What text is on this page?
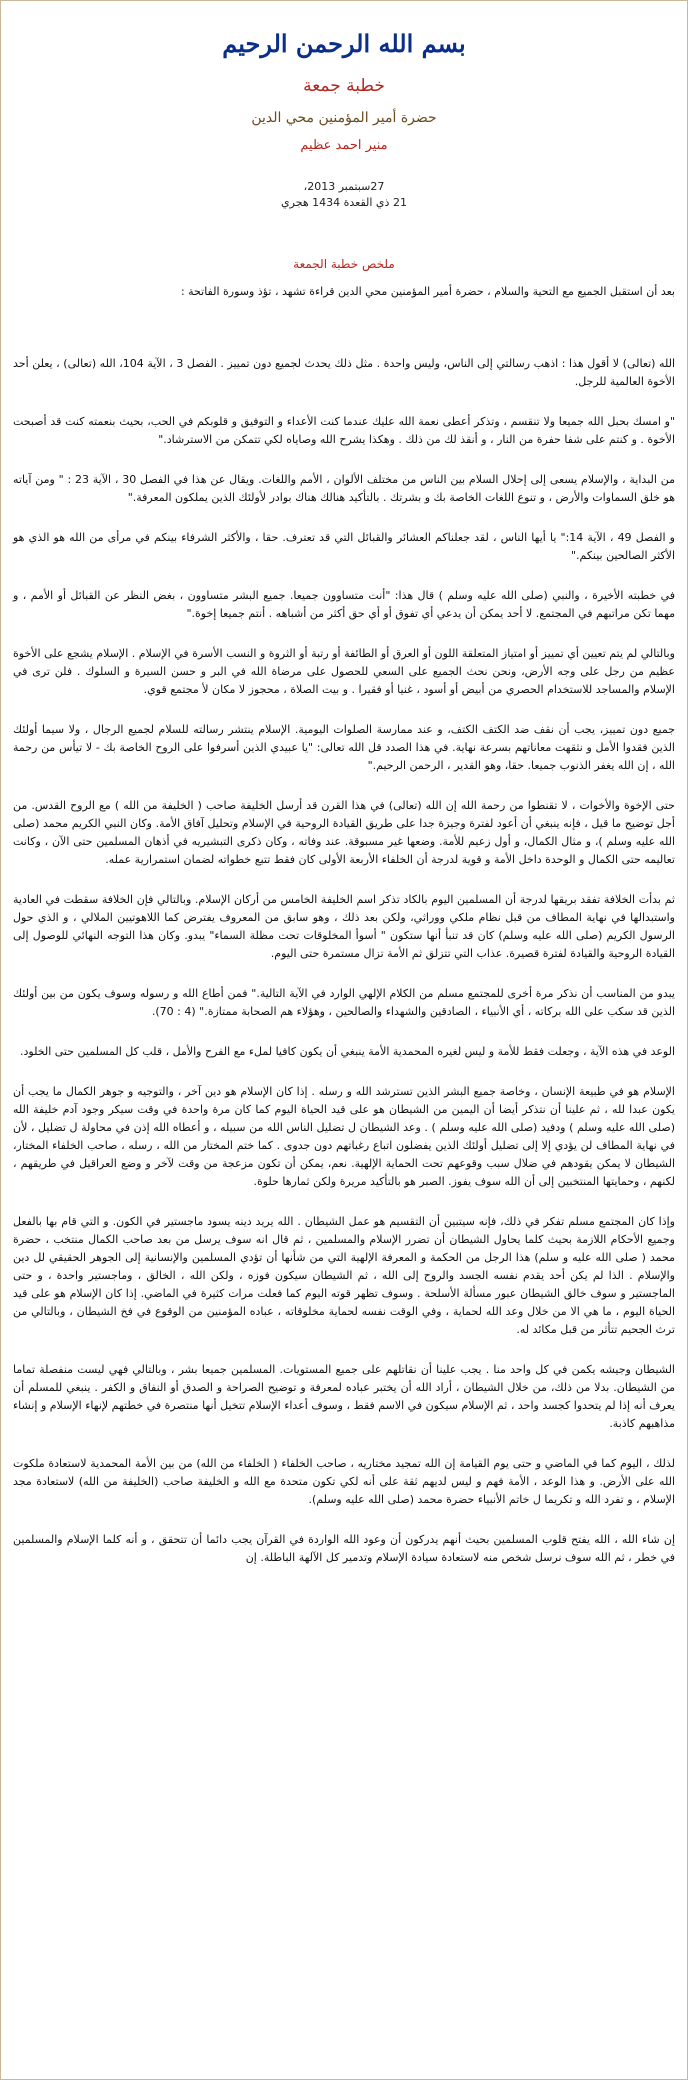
بسم الله الرحمن الرحيم
خطبة جمعة
حضرة أمير المؤمنين محي الدين
منير احمد عظيم
27سبتمبر 2013،
21 ذي القعدة 1434 هجري
ملخص خطبة الجمعة

بعد أن استقبل الجميع مع التحية والسلام ، حضرة أمير المؤمنين محي الدين قراءة تشهد ، تؤذ وسورة الفاتحة :

الله (تعالى) لا أقول هذا : اذهب رسالتي إلى الناس، وليس واحدة . مثل ذلك يحدث لجميع دون تمييز . الفصل 3 ، الآية 104، الله (تعالى) ، يعلن أحد الأخوة العالمية للرجل.

"و امسك بحبل الله جميعا ولا تنقسم ، وتذكر أعطى نعمة الله عليك عندما كنت الأعداء و التوفيق و قلوبكم في الحب، بحيث بنعمته كنت قد أصبحت الأخوة . و كنتم على شفا حفرة من النار ، و أنقذ لك من ذلك . وهكذا يشرح الله وصاياه لكي تتمكن من الاسترشاد."

من البداية ، والإسلام يسعى إلى إحلال السلام بين الناس من مختلف الألوان ، الأمم واللغات. ويقال عن هذا في الفصل 30 ، الآية 23 : " ومن آياته هو خلق السماوات والأرض ، و تنوع اللغات الخاصة بك و بشرتك . بالتأكيد هنالك هناك بوادر لأولئك الذين يملكون المعرفة."

و الفصل 49 ، الآية 14:" يا أيها الناس ، لقد جعلناكم العشائر والقبائل التي قد تعترف. حقا ، والأكثر الشرفاء بينكم في مرأى من الله هو الذي هو الأكثر الصالحين بينكم."

في خطبته الأخيرة ، والنبي (صلى الله عليه وسلم ) قال هذا: "أنت متساوون جميعا. جميع البشر متساوون ، بغض النظر عن القبائل أو الأمم ، و مهما تكن مراتبهم في المجتمع. لا أحد يمكن أن يدعي أي تفوق أو أي حق أكثر من أشباهه . أنتم جميعا إخوة."

وبالتالي لم يتم تعيين أي تمييز أو امتياز المتعلقة اللون أو العرق أو الطائفة أو رتبة أو الثروة و النسب الأسرة في الإسلام . الإسلام يشجع على الأخوة عظيم من رجل على وجه الأرض، ونحن نحث الجميع على السعي للحصول على مرضاة الله في البر و حسن السيرة و السلوك . فلن ترى في الإسلام والمساجد للاستخدام الحصري من أبيض أو أسود ، غنيا أو فقيرا . و بيت الصلاة ، محجوز لا مكان لأ مجتمع قوي.

جميع دون تمييز، يجب أن نقف ضد الكتف الكتف، و عند ممارسة الصلوات اليومية. الإسلام ينتشر رسالته للسلام لجميع الرجال ، ولا سيما أولئك الذين فقدوا الأمل و نثقهت معاناتهم بسرعة نهاية. في هذا الصدد قل الله تعالى: "يا عبيدي الذين أسرفوا على الروح الخاصة بك - لا تيأس من رحمة الله ، إن الله يغفر الذنوب جميعا. حقا، وهو القدير ، الرحمن الرحيم."

حتى الإخوة والأخوات ، لا تقنطوا من رحمة الله إن الله (تعالى) في هذا القرن قد أرسل الخليفة صاحب ( الخليفة من الله ) مع الروح القدس. من أجل توضيح ما قيل ، فإنه ينبغي أن أعود لفترة وجيزة جدا على طريق القيادة الروحية في الإسلام وتحليل آفاق الأمة. وكان النبي الكريم محمد (صلى الله عليه وسلم )، و مثال الكمال، و أول زعيم للأمة. وضعها غير مسبوقة. عند وفاته ، وكان ذكرى التبشيريه في أذهان المسلمين حتى الآن ، وكانت تعاليمه حتى الكمال و الوحدة داخل الأمة و قوية لدرجة أن الخلفاء الأربعة الأولى كان فقط تتبع خطواته لضمان استمرارية عمله.

ثم بدأت الخلافة تفقد بريقها لدرجة أن المسلمين اليوم بالكاد تذكر اسم الخليفة الخامس من أركان الإسلام. وبالتالي فإن الخلافة سقطت في العادية واستبدالها في نهاية المطاف من قبل نظام ملكي ووراثي، ولكن بعد ذلك ، وهو سابق من المعروف يفترض كما اللاهوتيين الملالي ، و الذي حول الرسول الكريم (صلى الله عليه وسلم) كان قد تنبأ أنها ستكون " أسوأ المخلوقات تحت مظلة السماء" يبدو. وكان هذا التوجه النهائي للوصول إلى القيادة الروحية والقيادة لفترة قصيرة. عذاب التي تتزلق ثم الأمة تزال مستمرة حتى اليوم.

يبدو من المناسب أن نذكر مرة أخرى للمجتمع مسلم من الكلام الإلهي الوارد في الآية التالية." فمن أطاع الله و رسوله وسوف يكون من بين أولئك الذين قد سكب على الله بركاته ، أي الأنبياء ، الصادقين والشهداء والصالحين ، وهؤلاء هم الصحابة ممتازة." (4 : 70).

الوعد في هذه الآية ، وجعلت فقط للأمة و ليس لغيره المحمدية الأمة ينبغي أن يكون كافيا لملء مع الفرح والأمل ، قلب كل المسلمين حتى الخلود.

الإسلام هو في طبيعة الإنسان ، وخاصة جميع البشر الذين تسترشد الله و رسله . إذا كان الإسلام هو دين آخر ، والتوجيه و جوهر الكمال ما يجب أن يكون عبدا لله ، ثم علينا أن نتذكر أيضا أن اليمين من الشيطان هو على قيد الحياة اليوم كما كان مرة واحدة في وقت سيكر وجود آدم خليفة الله (صلى الله عليه وسلم ) ودفيد (صلى الله عليه وسلم ) . وعد الشيطان ل تضليل الناس الله من سبيله ، و أعطاه الله إذن في محاولة ل تضليل ، لأن في نهاية المطاف لن يؤدي إلا إلى تضليل أولئك الذين يفضلون اتباع رغباتهم دون جدوى . كما ختم المختار من الله ، رسله ، صاحب الخلفاء المختار، الشيطان لا يمكن يقودهم في ضلال سبب وقوعهم تحت الحماية الإلهية. نعم، يمكن أن تكون مزعجة من وقت لآخر و وضع العراقيل في طريقهم ، لكنهم ، وحمايتها المنتخبين إلى أن الله سوف يفوز. الصبر هو بالتأكيد مريرة ولكن ثمارها حلوة.

وإذا كان المجتمع مسلم تفكر في ذلك، فإنه سيتبين أن التقسيم هو عمل الشيطان . الله يريد دينه يسود ماجستير في الكون. و التي قام بها بالفعل وجميع الأحكام اللازمة بحيث كلما يحاول الشيطان أن تضرر الإسلام والمسلمين ، ثم قال انه سوف يرسل من بعد صاحب الكمال منتخب ، حضرة محمد ( صلى الله عليه و سلم) هذا الرجل من الحكمة و المعرفة الإلهية التي من شأنها أن تؤدي المسلمين والإنسانية إلى الجوهر الحقيقي لل دين والإسلام . الذا لم يكن أحد يقدم نفسه الجسد والروح إلى الله ، ثم الشيطان سيكون فوزه ، ولكن الله ، الخالق ، وماجستير واحدة ، و حتى الماجستير و سوف خالق الشيطان عبور مسألة الأسلحة . وسوف تظهر قوته اليوم كما فعلت مرات كثيرة في الماضي. إذا كان الإسلام هو على قيد الحياة اليوم ، ما هي الا من خلال وعد الله لحماية ، وفي الوقت نفسه لحماية مخلوقاته ، عباده المؤمنين من الوقوع في فخ الشيطان ، وبالتالي من ترث الجحيم تتأثر من قبل مكائد له.

الشيطان وجيشه يكمن في كل واحد منا . يجب علينا أن نقاتلهم على جميع المستويات. المسلمين جميعا بشر ، وبالتالي فهي ليست منفصلة تماما من الشيطان. بدلا من ذلك، من خلال الشيطان ، أراد الله أن يختبر عباده لمعرفة و توضيح الصراحة و الصدق أو النفاق و الكفر . ينبغي للمسلم أن يعرف أنه إذا لم يتحدوا كجسد واحد ، ثم الإسلام سيكون في الاسم فقط ، وسوف أعداء الإسلام تتخيل أنها منتصرة في خطتهم لإنهاء الإسلام و إنشاء مذاهبهم كاذبة.

لذلك ، اليوم كما في الماضي و حتى يوم القيامة إن الله تمجيد مختاريه ، صاحب الخلفاء ( الخلفاء من الله) من بين الأمة المحمدية لاستعادة ملكوت الله على الأرض. و هذا الوعد ، الأمة فهم و ليس لديهم ثقة على أنه لكي تكون متحدة مع الله و الخليفة صاحب (الخليفة من الله) لاستعادة مجد الإسلام ، و تفرد الله و تكريما ل خاتم الأنبياء حضرة محمد (صلى الله عليه وسلم).

إن شاء الله ، الله يفتح قلوب المسلمين بحيث أنهم يدركون أن وعود الله الواردة في القرآن يجب دائما أن تتحقق ، و أنه كلما الإسلام والمسلمين في خطر ، ثم الله سوف نرسل شخص منه لاستعادة سيادة الإسلام وتدمير كل الآلهة الباطلة. إن
